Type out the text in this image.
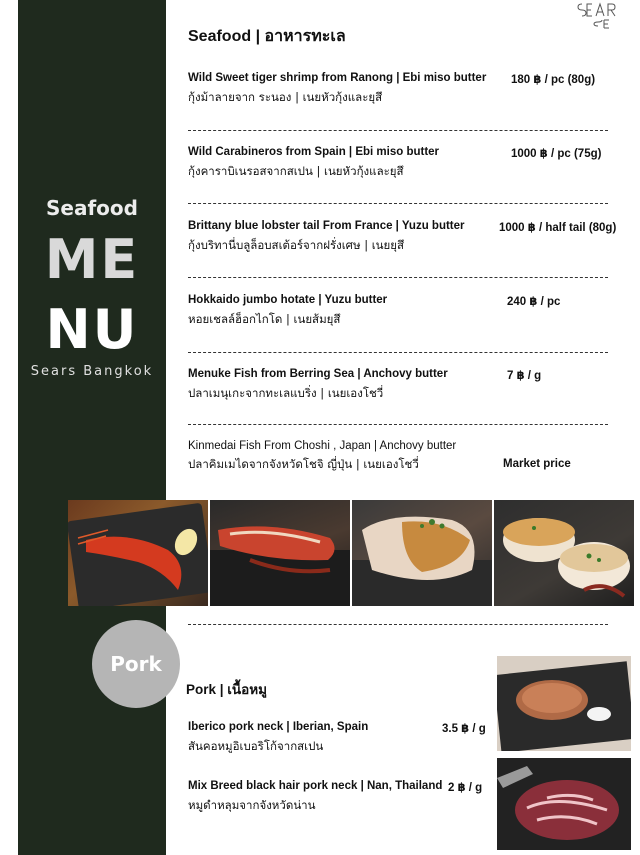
Seafood
ME
NU
Sears Bangkok
Seafood | อาหารทะเล
Wild Sweet tiger shrimp from Ranong | Ebi miso butter
กุ้งม้าลายจาก ระนอง | เนยหัวกุ้งและยุสึ
180 ฿ / pc (80g)
Wild Carabineros from Spain | Ebi miso butter
กุ้งคาราบิเนรอสจากสเปน | เนยหัวกุ้งและยุสึ
1000 ฿ / pc (75g)
Brittany blue lobster tail From France | Yuzu butter
กุ้งบริทานี่บลูล็อบสเต้อร์จากฝรั่งเศษ | เนยยุสึ
1000 ฿ / half tail (80g)
Hokkaido jumbo hotate | Yuzu butter
หอยเชลล์ฮ็อกไกโด | เนยส้มยุสึ
240 ฿ / pc
Menuke Fish from Berring Sea | Anchovy butter
ปลาเมนุเกะจากทะเลแบริ่ง | เนยเองโชวี่
7 ฿ / g
Kinmedai Fish From Choshi , Japan | Anchovy butter
ปลาคิมเมไดจากจังหวัดโชจิ ญี่ปุ่น | เนยเองโชวี่	Market price
Pork
Pork | เนื้อหมู
Iberico pork neck | Iberian, Spain
สันคอหมูอิเบอริโก้จากสเปน
3.5 ฿ / g
Mix Breed black hair pork neck | Nan, Thailand
หมูดำหลุมจากจังหวัดน่าน
2 ฿ / g
